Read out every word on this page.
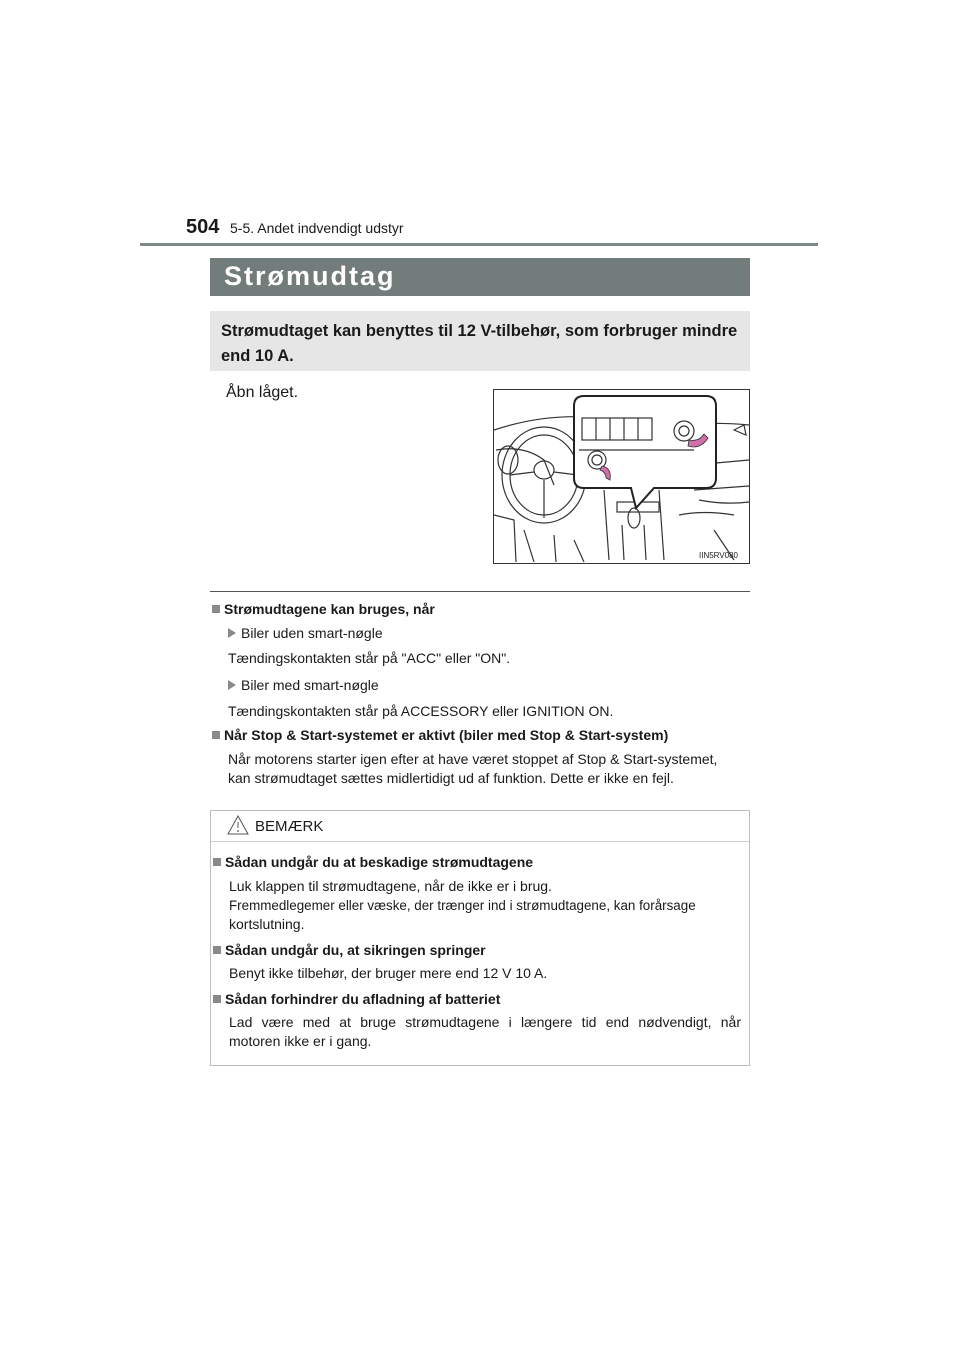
504 5-5. Andet indvendigt udstyr
Strømudtag
Strømudtaget kan benyttes til 12 V-tilbehør, som forbruger mindre end 10 A.
Åbn låget.
IIN5RV080
Strømudtagene kan bruges, når
Biler uden smart-nøgle
Tændingskontakten står på "ACC" eller "ON".
Biler med smart-nøgle
Tændingskontakten står på ACCESSORY eller IGNITION ON.
Når Stop & Start-systemet er aktivt (biler med Stop & Start-system)
Når motorens starter igen efter at have været stoppet af Stop & Start-systemet,
kan strømudtaget sættes midlertidigt ud af funktion. Dette er ikke en fejl.
BEMÆRK
Sådan undgår du at beskadige strømudtagene
Luk klappen til strømudtagene, når de ikke er i brug.
Fremmedlegemer eller væske, der trænger ind i strømudtagene, kan forårsage
kortslutning.
Sådan undgår du, at sikringen springer
Benyt ikke tilbehør, der bruger mere end 12 V 10 A.
Sådan forhindrer du afladning af batteriet
Lad være med at bruge strømudtagene i længere tid end nødvendigt, når
motoren ikke er i gang.
